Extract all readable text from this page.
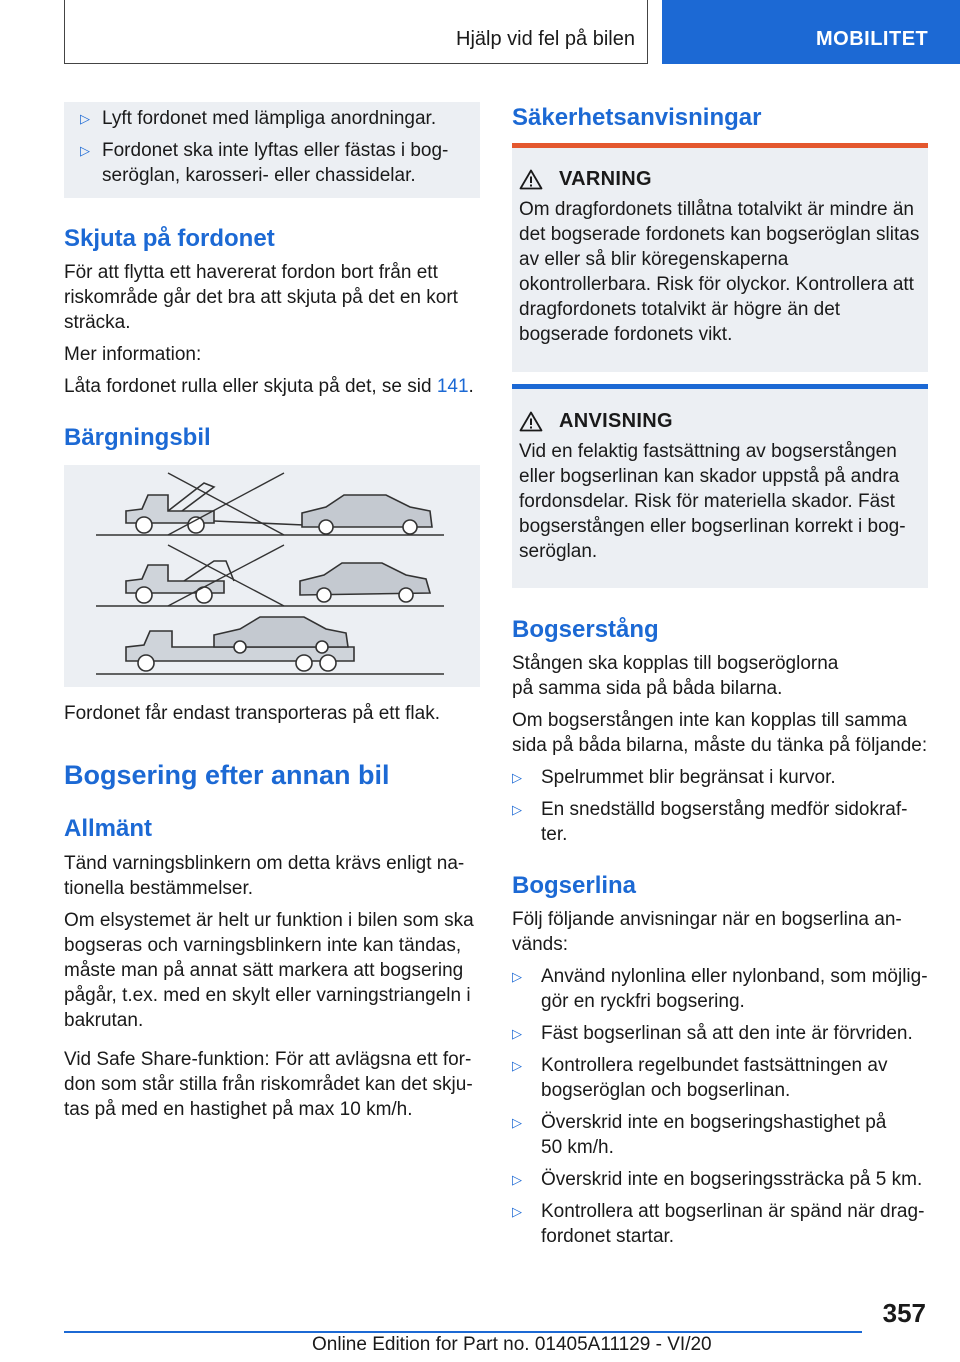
Hjälp vid fel på bilen	MOBILITET
▷ Lyft fordonet med lämpliga anordningar.
▷ Fordonet ska inte lyftas eller fästas i bog-
seröglan, karosseri- eller chassidelar.
Skjuta på fordonet
För att flytta ett havererat fordon bort från ett riskområde går det bra att skjuta på det en kort sträcka.
Mer information:
Låta fordonet rulla eller skjuta på det, se sid 141.
Bärgningsbil
Fordonet får endast transporteras på ett flak.
Bogsering efter annan bil
Allmänt
Tänd varningsblinkern om detta krävs enligt na-
tionella bestämmelser.
Om elsystemet är helt ur funktion i bilen som ska bogseras och varningsblinkern inte kan tändas, måste man på annat sätt markera att bogsering pågår, t.ex. med en skylt eller varningstriangeln i bakrutan.
Vid Safe Share-funktion: För att avlägsna ett for-
don som står stilla från riskområdet kan det skju-
tas på med en hastighet på max 10 km/h.
Säkerhetsanvisningar
VARNING
Om dragfordonets tillåtna totalvikt är mindre än det bogserade fordonets kan bogseröglan slitas av eller så blir köregenskaperna okontrollerbara. Risk för olyckor. Kontrollera att dragfordonets totalvikt är högre än det bogserade fordonets vikt.
ANVISNING
Vid en felaktig fastsättning av bogserstången eller bogserlinan kan skador uppstå på andra fordonsdelar. Risk för materiella skador. Fäst bogserstången eller bogserlinan korrekt i bog-
seröglan.
Bogserstång
Stången ska kopplas till bogseröglorna
på samma sida på båda bilarna.
Om bogserstången inte kan kopplas till samma sida på båda bilarna, måste du tänka på följande:
▷	Spelrummet blir begränsat i kurvor.
▷	En snedställd bogserstång medför sidokraf-
ter.
Bogserlina
Följ följande anvisningar när en bogserlina an-
vänds:
▷	Använd nylonlina eller nylonband, som möjlig-
gör en ryckfri bogsering.
▷	Fäst bogserlinan så att den inte är förvriden.
▷	Kontrollera regelbundet fastsättningen av
bogseröglan och bogserlinan.
▷	Överskrid inte en bogseringshastighet på
50 km/h.
▷	Överskrid inte en bogseringssträcka på 5 km.
▷	Kontrollera att bogserlinan är spänd när drag-
fordonet startar.
357
Online Edition for Part no. 01405A11129 - VI/20
